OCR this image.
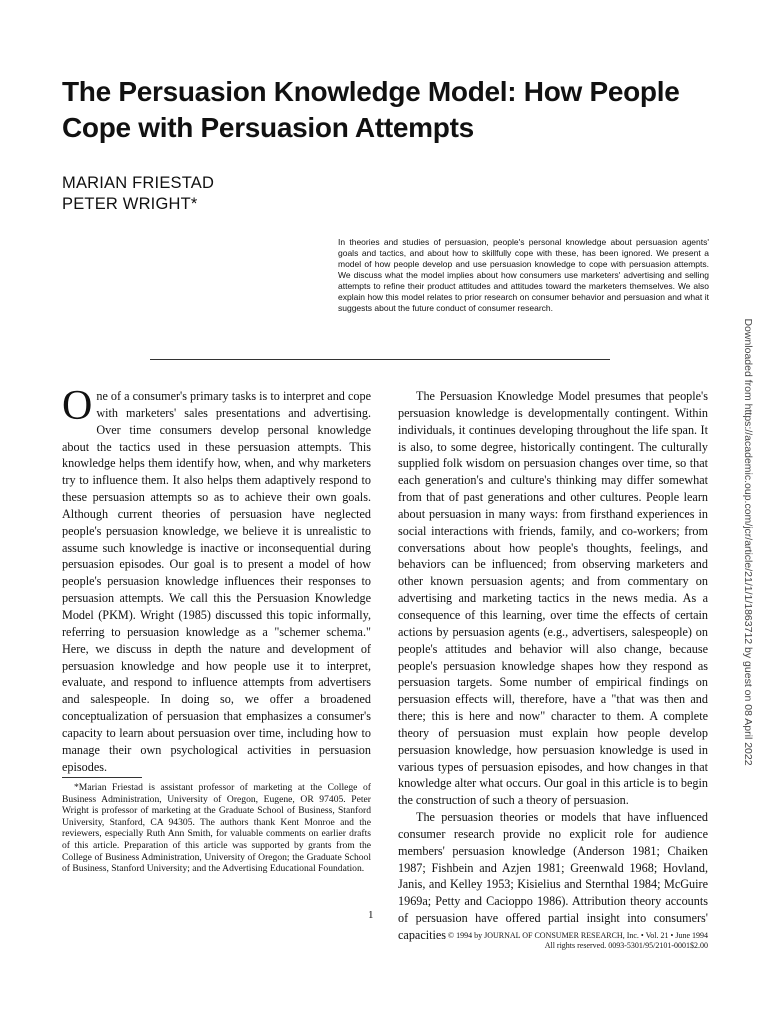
The Persuasion Knowledge Model: How People Cope with Persuasion Attempts
MARIAN FRIESTAD
PETER WRIGHT*

In theories and studies of persuasion, people's personal knowledge about persuasion agents' goals and tactics, and about how to skillfully cope with these, has been ignored. We present a model of how people develop and use persuasion knowledge to cope with persuasion attempts. We discuss what the model implies about how consumers use marketers' advertising and selling attempts to refine their product attitudes and attitudes toward the marketers themselves. We also explain how this model relates to prior research on consumer behavior and persuasion and what it suggests about the future conduct of consumer research.

One of a consumer's primary tasks is to interpret and cope with marketers' sales presentations and advertising. Over time consumers develop personal knowledge about the tactics used in these persuasion attempts. This knowledge helps them identify how, when, and why marketers try to influence them. It also helps them adaptively respond to these persuasion attempts so as to achieve their own goals. Although current theories of persuasion have neglected people's persuasion knowledge, we believe it is unrealistic to assume such knowledge is inactive or inconsequential during persuasion episodes. Our goal is to present a model of how people's persuasion knowledge influences their responses to persuasion attempts. We call this the Persuasion Knowledge Model (PKM). Wright (1985) discussed this topic informally, referring to persuasion knowledge as a "schemer schema." Here, we discuss in depth the nature and development of persuasion knowledge and how people use it to interpret, evaluate, and respond to influence attempts from advertisers and salespeople. In doing so, we offer a broadened conceptualization of persuasion that emphasizes a consumer's capacity to learn about persuasion over time, including how to manage their own psychological activities in persuasion episodes.

The Persuasion Knowledge Model presumes that people's persuasion knowledge is developmentally contingent. Within individuals, it continues developing throughout the life span. It is also, to some degree, historically contingent. The culturally supplied folk wisdom on persuasion changes over time, so that each generation's and culture's thinking may differ somewhat from that of past generations and other cultures. People learn about persuasion in many ways: from firsthand experiences in social interactions with friends, family, and co-workers; from conversations about how people's thoughts, feelings, and behaviors can be influenced; from observing marketers and other known persuasion agents; and from commentary on advertising and marketing tactics in the news media. As a consequence of this learning, over time the effects of certain actions by persuasion agents (e.g., advertisers, salespeople) on people's attitudes and behavior will also change, because people's persuasion knowledge shapes how they respond as persuasion targets. Some number of empirical findings on persuasion effects will, therefore, have a "that was then and there; this is here and now" character to them. A complete theory of persuasion must explain how people develop persuasion knowledge, how persuasion knowledge is used in various types of persuasion episodes, and how changes in that knowledge alter what occurs. Our goal in this article is to begin the construction of such a theory of persuasion.

The persuasion theories or models that have influenced consumer research provide no explicit role for audience members' persuasion knowledge (Anderson 1981; Chaiken 1987; Fishbein and Azjen 1981; Greenwald 1968; Hovland, Janis, and Kelley 1953; Kisielius and Sternthal 1984; McGuire 1969a; Petty and Cacioppo 1986). Attribution theory accounts of persuasion have offered partial insight into consumers' capacities

*Marian Friestad is assistant professor of marketing at the College of Business Administration, University of Oregon, Eugene, OR 97405. Peter Wright is professor of marketing at the Graduate School of Business, Stanford University, Stanford, CA 94305. The authors thank Kent Monroe and the reviewers, especially Ruth Ann Smith, for valuable comments on earlier drafts of this article. Preparation of this article was supported by grants from the College of Business Administration, University of Oregon; the Graduate School of Business, Stanford University; and the Advertising Educational Foundation.

1
© 1994 by JOURNAL OF CONSUMER RESEARCH, Inc. • Vol. 21 • June 1994
All rights reserved. 0093-5301/95/2101-0001$2.00
Downloaded from https://academic.oup.com/jcr/article/21/1/1/1863712 by guest on 08 April 2022
